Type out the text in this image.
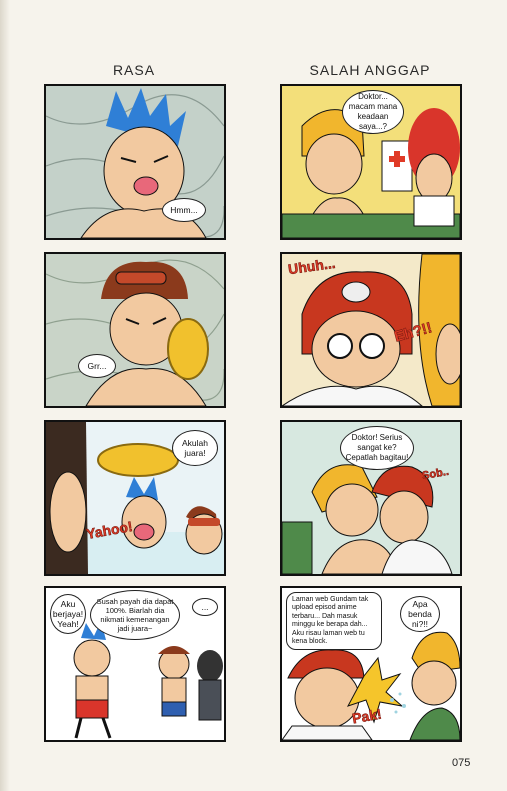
RASA	SALAH ANGGAP
Hmm...
Grr...
Akulah juara!
Yahoo!
Aku berjaya! Yeah!
Susah payah dia dapat 100%. Biarlah dia nikmati kemenangan jadi juara~
...
Doktor... macam mana keadaan saya...?
Uhuh...
Eh?!!
Doktor! Serius sangat ke? Cepatlah bagitau!
Sob..
Laman web Gundam tak upload episod anime terbaru... Dah masuk minggu ke berapa dah... Aku risau laman web tu kena block.
Apa benda ni?!!
Pak!
075
